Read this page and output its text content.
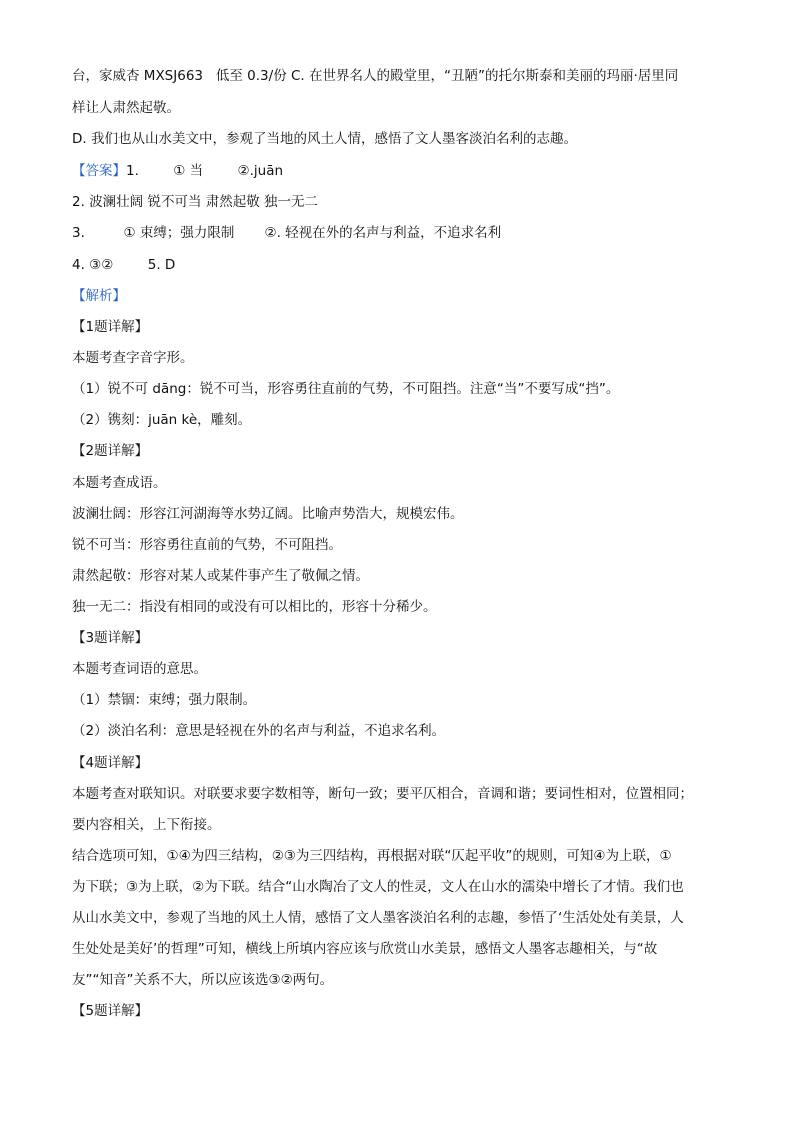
台，家威杏 MXSJ663   低至 0.3/份 C. 在世界名人的殿堂里，“丑陋”的托尔斯泰和美丽的玛丽·居里同
样让人肃然起敬。
D. 我们也从山水美文中，参观了当地的风土人情，感悟了文人墨客淡泊名利的志趣。
【答案】1.	① 当	②.juān
2. 波澜壮阔 锐不可当 肃然起敬 独一无二
3.	① 束缚；强力限制 ②. 轻视在外的名声与利益，不追求名利
4. ③②	5. D
【解析】
【1题详解】
本题考查字音字形。
（1）锐不可 dāng：锐不可当，形容勇往直前的气势，不可阻挡。注意“当”不要写成“挡”。
（2）镌刻：juān kè，雕刻。
【2题详解】
本题考查成语。
波澜壮阔：形容江河湖海等水势辽阔。比喻声势浩大，规模宏伟。
锐不可当：形容勇往直前的气势，不可阻挡。
肃然起敬：形容对某人或某件事产生了敬佩之情。
独一无二：指没有相同的或没有可以相比的，形容十分稀少。
【3题详解】
本题考查词语的意思。
（1）禁锢：束缚；强力限制。
（2）淡泊名利：意思是轻视在外的名声与利益，不追求名利。
【4题详解】
本题考查对联知识。对联要求要字数相等，断句一致；要平仄相合，音调和谐；要词性相对，位置相同；
要内容相关，上下衔接。
结合选项可知，①④为四三结构，②③为三四结构，再根据对联“仄起平收”的规则，可知④为上联，①
为下联；③为上联，②为下联。结合“山水陶冶了文人的性灵，文人在山水的濡染中增长了才情。我们也
从山水美文中，参观了当地的风土人情，感悟了文人墨客淡泊名利的志趣，参悟了‘生活处处有美景，人
生处处是美好’的哲理”可知，横线上所填内容应该与欣赏山水美景，感悟文人墨客志趣相关，与“故
友”“知音”关系不大，所以应该选③②两句。
【5题详解】
